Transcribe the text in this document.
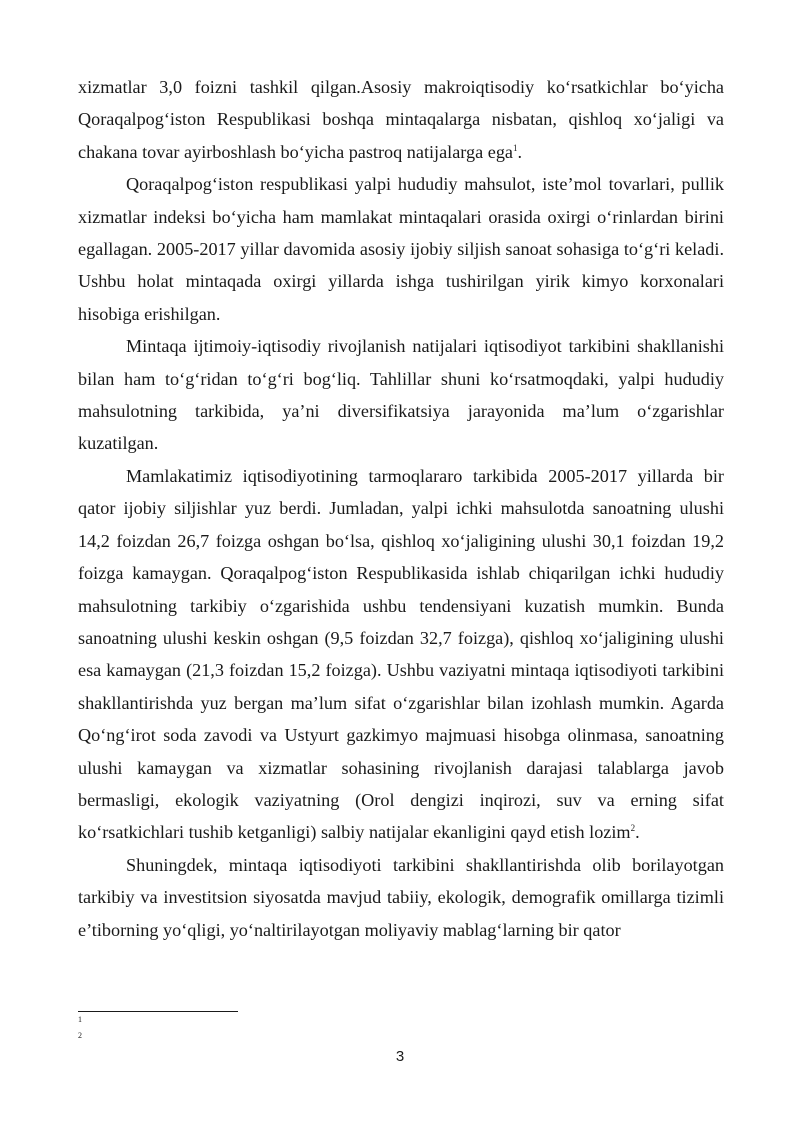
xizmatlar 3,0 foizni tashkil qilgan.Asosiy makroiqtisodiy ko‘rsatkichlar bo‘yicha Qoraqalpog‘iston Respublikasi boshqa mintaqalarga nisbatan, qishloq xo‘jaligi va chakana tovar ayirboshlash bo‘yicha pastroq natijalarga ega$^1$.

Qoraqalpog‘iston respublikasi yalpi hududiy mahsulot, iste’mol tovarlari, pullik xizmatlar indeksi bo‘yicha ham mamlakat mintaqalari orasida oxirgi o‘rinlardan birini egallagan. 2005-2017 yillar davomida asosiy ijobiy siljish sanoat sohasiga to‘g‘ri keladi. Ushbu holat mintaqada oxirgi yillarda ishga tushirilgan yirik kimyo korxonalari hisobiga erishilgan.

Mintaqa ijtimoiy-iqtisodiy rivojlanish natijalari iqtisodiyot tarkibini shakllanishi bilan ham to‘g‘ridan to‘g‘ri bog‘liq. Tahlillar shuni ko‘rsatmoqdaki, yalpi hududiy mahsulotning tarkibida, ya’ni diversifikatsiya jarayonida ma’lum o‘zgarishlar kuzatilgan.

Mamlakatimiz iqtisodiyotining tarmoqlararo tarkibida 2005-2017 yillarda bir qator ijobiy siljishlar yuz berdi. Jumladan, yalpi ichki mahsulotda sanoatning ulushi 14,2 foizdan 26,7 foizga oshgan bo‘lsa, qishloq xo‘jaligining ulushi 30,1 foizdan 19,2 foizga kamaygan. Qoraqalpog‘iston Respublikasida ishlab chiqarilgan ichki hududiy mahsulotning tarkibiy o‘zgarishida ushbu tendensiyani kuzatish mumkin. Bunda sanoatning ulushi keskin oshgan (9,5 foizdan 32,7 foizga), qishloq xo‘jaligining ulushi esa kamaygan (21,3 foizdan 15,2 foizga). Ushbu vaziyatni mintaqa iqtisodiyoti tarkibini shakllantirishda yuz bergan ma’lum sifat o‘zgarishlar bilan izohlash mumkin. Agarda Qo‘ng‘irot soda zavodi va Ustyurt gazkimyo majmuasi hisobga olinmasa, sanoatning ulushi kamaygan va xizmatlar sohasining rivojlanish darajasi talablarga javob bermasligi, ekologik vaziyatning (Orol dengizi inqirozi, suv va erning sifat ko‘rsatkichlari tushib ketganligi) salbiy natijalar ekanligini qayd etish lozim$^2$.

Shuningdek, mintaqa iqtisodiyoti tarkibini shakllantirishda olib borilayotgan tarkibiy va investitsion siyosatda mavjud tabiiy, ekologik, demografik omillarga tizimli e’tiborning yo‘qligi, yo‘naltirilayotgan moliyaviy mablag‘larning bir qator

1
2
3
